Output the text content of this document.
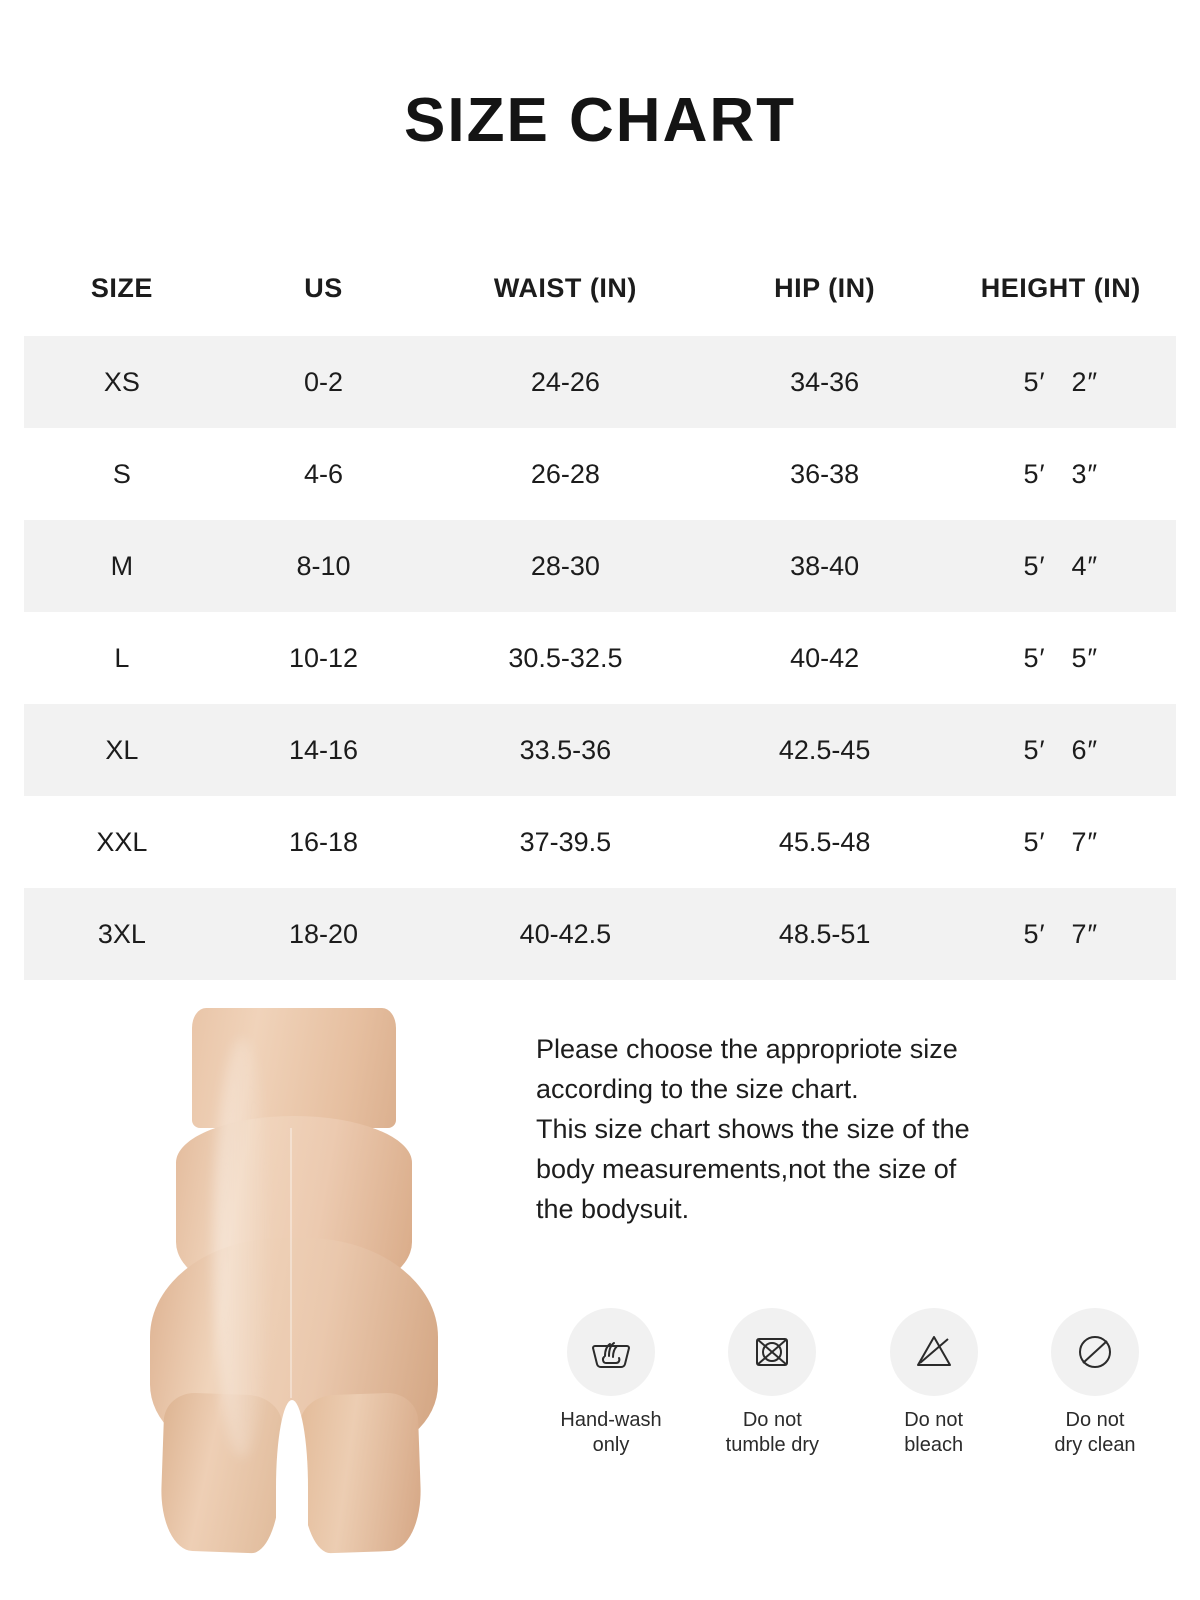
SIZE CHART
SIZE	US	WAIST (IN)	HIP (IN)	HEIGHT (IN)
XS	0-2	24-26	34-36	5′ 2″

S	4-6	26-28	36-38	5′ 3″

M	8-10	28-30	38-40	5′ 4″

L	10-12	30.5-32.5	40-42	5′ 5″

XL	14-16	33.5-36	42.5-45	5′ 6″

XXL	16-18	37-39.5	45.5-48	5′ 7″

3XL	18-20	40-42.5	48.5-51	5′ 7″

Please choose the appropriote size

according to the size chart.

This size chart shows the size of the

body measurements,not the size of

the bodysuit.

Hand-wash
only
Do not
tumble dry
Do not
bleach
Do not
dry clean
